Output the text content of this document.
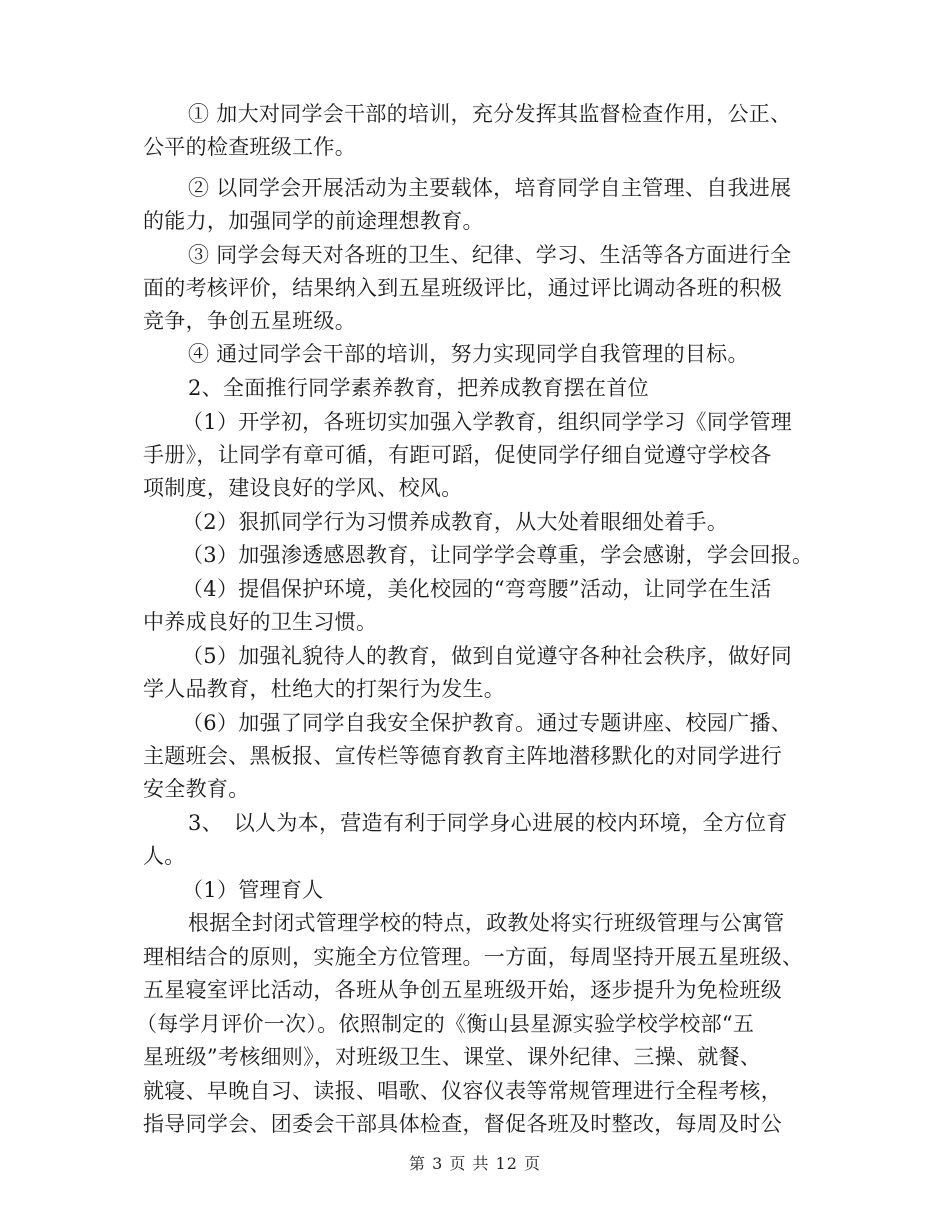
① 加大对同学会干部的培训，充分发挥其监督检查作用，公正、
公平的检查班级工作。
② 以同学会开展活动为主要载体，培育同学自主管理、自我进展
的能力，加强同学的前途理想教育。
③ 同学会每天对各班的卫生、纪律、学习、生活等各方面进行全
面的考核评价，结果纳入到五星班级评比，通过评比调动各班的积极
竞争，争创五星班级。
④ 通过同学会干部的培训，努力实现同学自我管理的目标。
2、全面推行同学素养教育，把养成教育摆在首位
（1）开学初，各班切实加强入学教育，组织同学学习《同学管理
手册》，让同学有章可循，有距可蹈，促使同学仔细自觉遵守学校各
项制度，建设良好的学风、校风。
（2）狠抓同学行为习惯养成教育，从大处着眼细处着手。
（3）加强渗透感恩教育，让同学学会尊重，学会感谢，学会回报。
（4）提倡保护环境，美化校园的“弯弯腰”活动，让同学在生活
中养成良好的卫生习惯。
（5）加强礼貌待人的教育，做到自觉遵守各种社会秩序，做好同
学人品教育，杜绝大的打架行为发生。
（6）加强了同学自我安全保护教育。通过专题讲座、校园广播、
主题班会、黑板报、宣传栏等德育教育主阵地潜移默化的对同学进行
安全教育。
3、　以人为本，营造有利于同学身心进展的校内环境，全方位育
人。
（1）管理育人
根据全封闭式管理学校的特点，政教处将实行班级管理与公寓管
理相结合的原则，实施全方位管理。一方面，每周坚持开展五星班级、
五星寝室评比活动，各班从争创五星班级开始，逐步提升为免检班级
（每学月评价一次）。依照制定的《衡山县星源实验学校学校部“五
星班级”考核细则》，对班级卫生、课堂、课外纪律、三操、就餐、
就寝、早晚自习、读报、唱歌、仪容仪表等常规管理进行全程考核，
指导同学会、团委会干部具体检查，督促各班及时整改，每周及时公
第 3 页 共 12 页
